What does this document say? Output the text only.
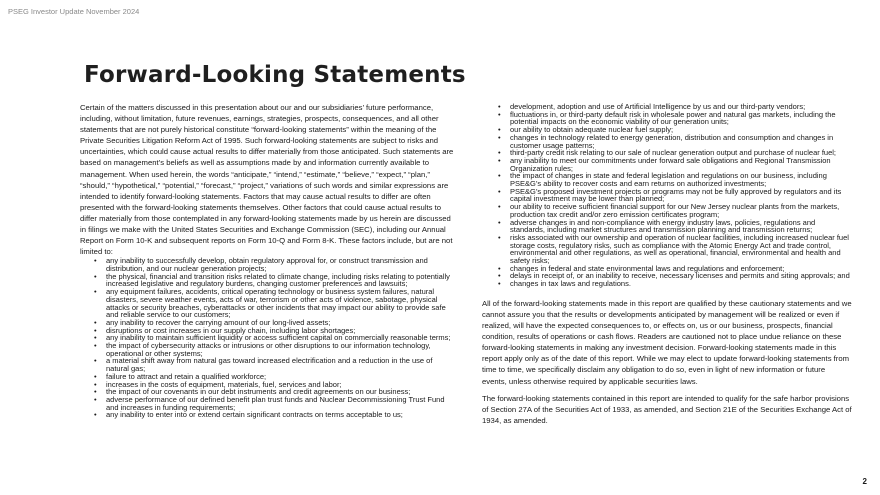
PSEG Investor Update November 2024
Forward-Looking Statements

Certain of the matters discussed in this presentation about our and our subsidiaries’ future performance, including, without limitation, future revenues, earnings, strategies, prospects, consequences, and all other statements that are not purely historical constitute “forward-looking statements” within the meaning of the Private Securities Litigation Reform Act of 1995. Such forward-looking statements are subject to risks and uncertainties, which could cause actual results to differ materially from those anticipated. Such statements are based on management’s beliefs as well as assumptions made by and information currently available to management. When used herein, the words “anticipate,” “intend,” “estimate,” “believe,” “expect,” “plan,” “should,” “hypothetical,” “potential,” “forecast,” “project,” variations of such words and similar expressions are intended to identify forward-looking statements. Factors that may cause actual results to differ are often presented with the forward-looking statements themselves. Other factors that could cause actual results to differ materially from those contemplated in any forward-looking statements made by us herein are discussed in filings we make with the United States Securities and Exchange Commission (SEC), including our Annual Report on Form 10-K and subsequent reports on Form 10-Q and Form 8-K. These factors include, but are not limited to:

• any inability to successfully develop, obtain regulatory approval for, or construct transmission and distribution, and our nuclear generation projects;
• the physical, financial and transition risks related to climate change, including risks relating to potentially increased legislative and regulatory burdens, changing customer preferences and lawsuits;
• any equipment failures, accidents, critical operating technology or business system failures, natural disasters, severe weather events, acts of war, terrorism or other acts of violence, sabotage, physical attacks or security breaches, cyberattacks or other incidents that may impact our ability to provide safe and reliable service to our customers;
• any inability to recover the carrying amount of our long-lived assets;
• disruptions or cost increases in our supply chain, including labor shortages;
• any inability to maintain sufficient liquidity or access sufficient capital on commercially reasonable terms;
• the impact of cybersecurity attacks or intrusions or other disruptions to our information technology, operational or other systems;
• a material shift away from natural gas toward increased electrification and a reduction in the use of natural gas;
• failure to attract and retain a qualified workforce;
• increases in the costs of equipment, materials, fuel, services and labor;
• the impact of our covenants in our debt instruments and credit agreements on our business;
• adverse performance of our defined benefit plan trust funds and Nuclear Decommissioning Trust Fund and increases in funding requirements;
• any inability to enter into or extend certain significant contracts on terms acceptable to us;
• development, adoption and use of Artificial Intelligence by us and our third-party vendors;
• fluctuations in, or third-party default risk in wholesale power and natural gas markets, including the potential impacts on the economic viability of our generation units;
• our ability to obtain adequate nuclear fuel supply;
• changes in technology related to energy generation, distribution and consumption and changes in customer usage patterns;
• third-party credit risk relating to our sale of nuclear generation output and purchase of nuclear fuel;
• any inability to meet our commitments under forward sale obligations and Regional Transmission Organization rules;
• the impact of changes in state and federal legislation and regulations on our business, including PSE&G’s ability to recover costs and earn returns on authorized investments;
• PSE&G’s proposed investment projects or programs may not be fully approved by regulators and its capital investment may be lower than planned;
• our ability to receive sufficient financial support for our New Jersey nuclear plants from the markets, production tax credit and/or zero emission certificates program;
• adverse changes in and non-compliance with energy industry laws, policies, regulations and standards, including market structures and transmission planning and transmission returns;
• risks associated with our ownership and operation of nuclear facilities, including increased nuclear fuel storage costs, regulatory risks, such as compliance with the Atomic Energy Act and trade control, environmental and other regulations, as well as operational, financial, environmental and health and safety risks;
• changes in federal and state environmental laws and regulations and enforcement;
• delays in receipt of, or an inability to receive, necessary licenses and permits and siting approvals; and
• changes in tax laws and regulations.

All of the forward-looking statements made in this report are qualified by these cautionary statements and we cannot assure you that the results or developments anticipated by management will be realized or even if realized, will have the expected consequences to, or effects on, us or our business, prospects, financial condition, results of operations or cash flows. Readers are cautioned not to place undue reliance on these forward-looking statements in making any investment decision. Forward-looking statements made in this report apply only as of the date of this report. While we may elect to update forward-looking statements from time to time, we specifically disclaim any obligation to do so, even in light of new information or future events, unless otherwise required by applicable securities laws.

The forward-looking statements contained in this report are intended to qualify for the safe harbor provisions of Section 27A of the Securities Act of 1933, as amended, and Section 21E of the Securities Exchange Act of 1934, as amended.

2
